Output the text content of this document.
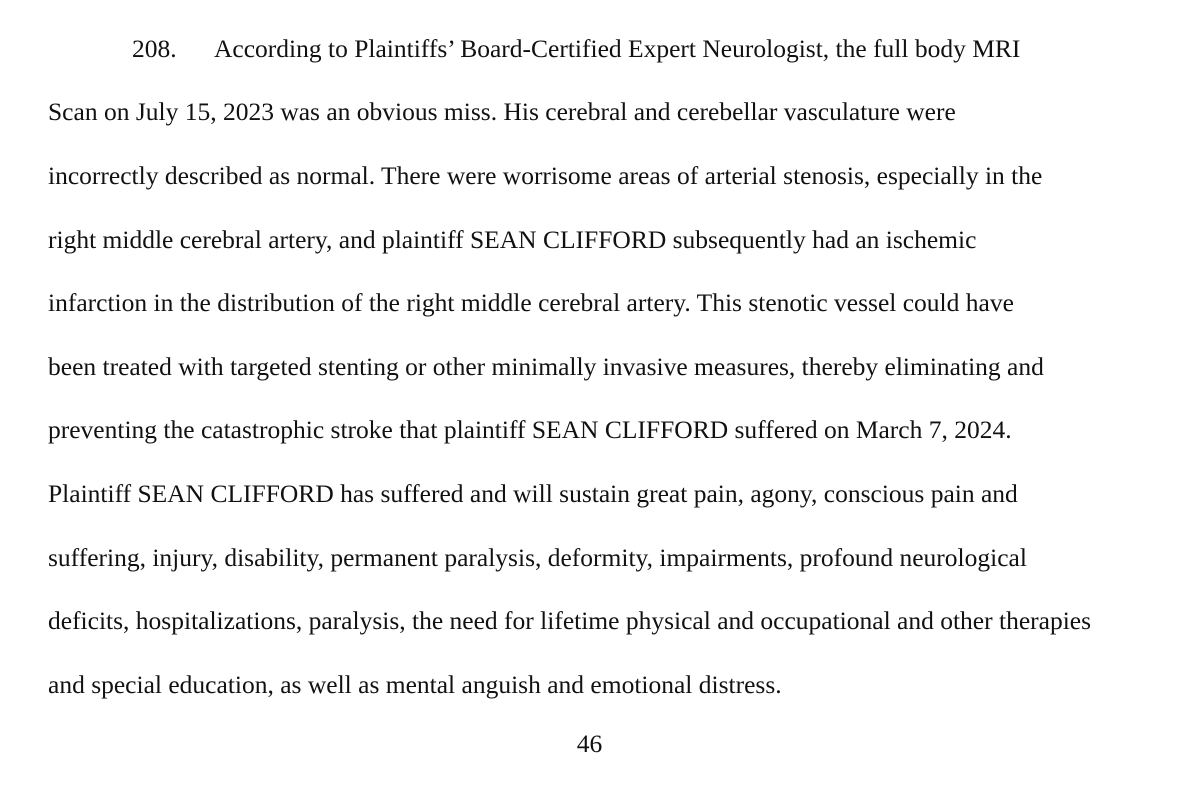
208. According to Plaintiffs’ Board-Certified Expert Neurologist, the full body MRI
Scan on July 15, 2023 was an obvious miss. His cerebral and cerebellar vasculature were
incorrectly described as normal. There were worrisome areas of arterial stenosis, especially in the
right middle cerebral artery, and plaintiff SEAN CLIFFORD subsequently had an ischemic
infarction in the distribution of the right middle cerebral artery. This stenotic vessel could have
been treated with targeted stenting or other minimally invasive measures, thereby eliminating and
preventing the catastrophic stroke that plaintiff SEAN CLIFFORD suffered on March 7, 2024.
Plaintiff SEAN CLIFFORD has suffered and will sustain great pain, agony, conscious pain and
suffering, injury, disability, permanent paralysis, deformity, impairments, profound neurological
deficits, hospitalizations, paralysis, the need for lifetime physical and occupational and other therapies
and special education, as well as mental anguish and emotional distress.
46
